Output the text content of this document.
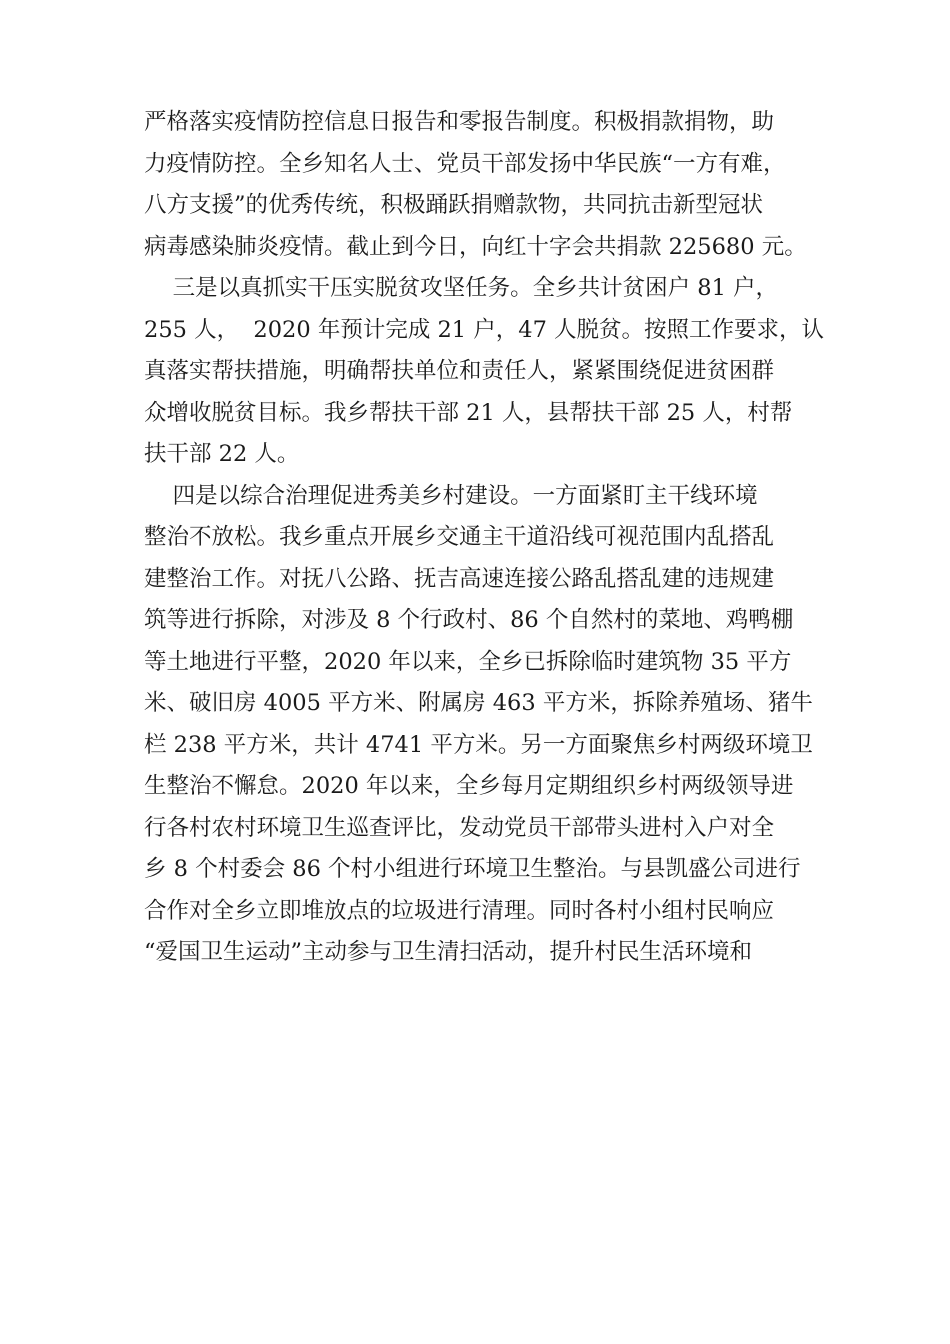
严格落实疫情防控信息日报告和零报告制度。积极捐款捐物，助
力疫情防控。全乡知名人士、党员干部发扬中华民族“一方有难，
八方支援”的优秀传统，积极踊跃捐赠款物，共同抗击新型冠状
病毒感染肺炎疫情。截止到今日，向红十字会共捐款 225680 元。
三是以真抓实干压实脱贫攻坚任务。全乡共计贫困户 81 户，
255 人，  2020 年预计完成 21 户，47 人脱贫。按照工作要求，认
真落实帮扶措施，明确帮扶单位和责任人，紧紧围绕促进贫困群
众增收脱贫目标。我乡帮扶干部 21 人，县帮扶干部 25 人，村帮
扶干部 22 人。
四是以综合治理促进秀美乡村建设。一方面紧盯主干线环境
整治不放松。我乡重点开展乡交通主干道沿线可视范围内乱搭乱
建整治工作。对抚八公路、抚吉高速连接公路乱搭乱建的违规建
筑等进行拆除，对涉及 8 个行政村、86 个自然村的菜地、鸡鸭棚
等土地进行平整，2020 年以来，全乡已拆除临时建筑物 35 平方
米、破旧房 4005 平方米、附属房 463 平方米，拆除养殖场、猪牛
栏 238 平方米，共计 4741 平方米。另一方面聚焦乡村两级环境卫
生整治不懈怠。2020 年以来，全乡每月定期组织乡村两级领导进
行各村农村环境卫生巡查评比，发动党员干部带头进村入户对全
乡 8 个村委会 86 个村小组进行环境卫生整治。与县凯盛公司进行
合作对全乡立即堆放点的垃圾进行清理。同时各村小组村民响应
“爱国卫生运动”主动参与卫生清扫活动，提升村民生活环境和
